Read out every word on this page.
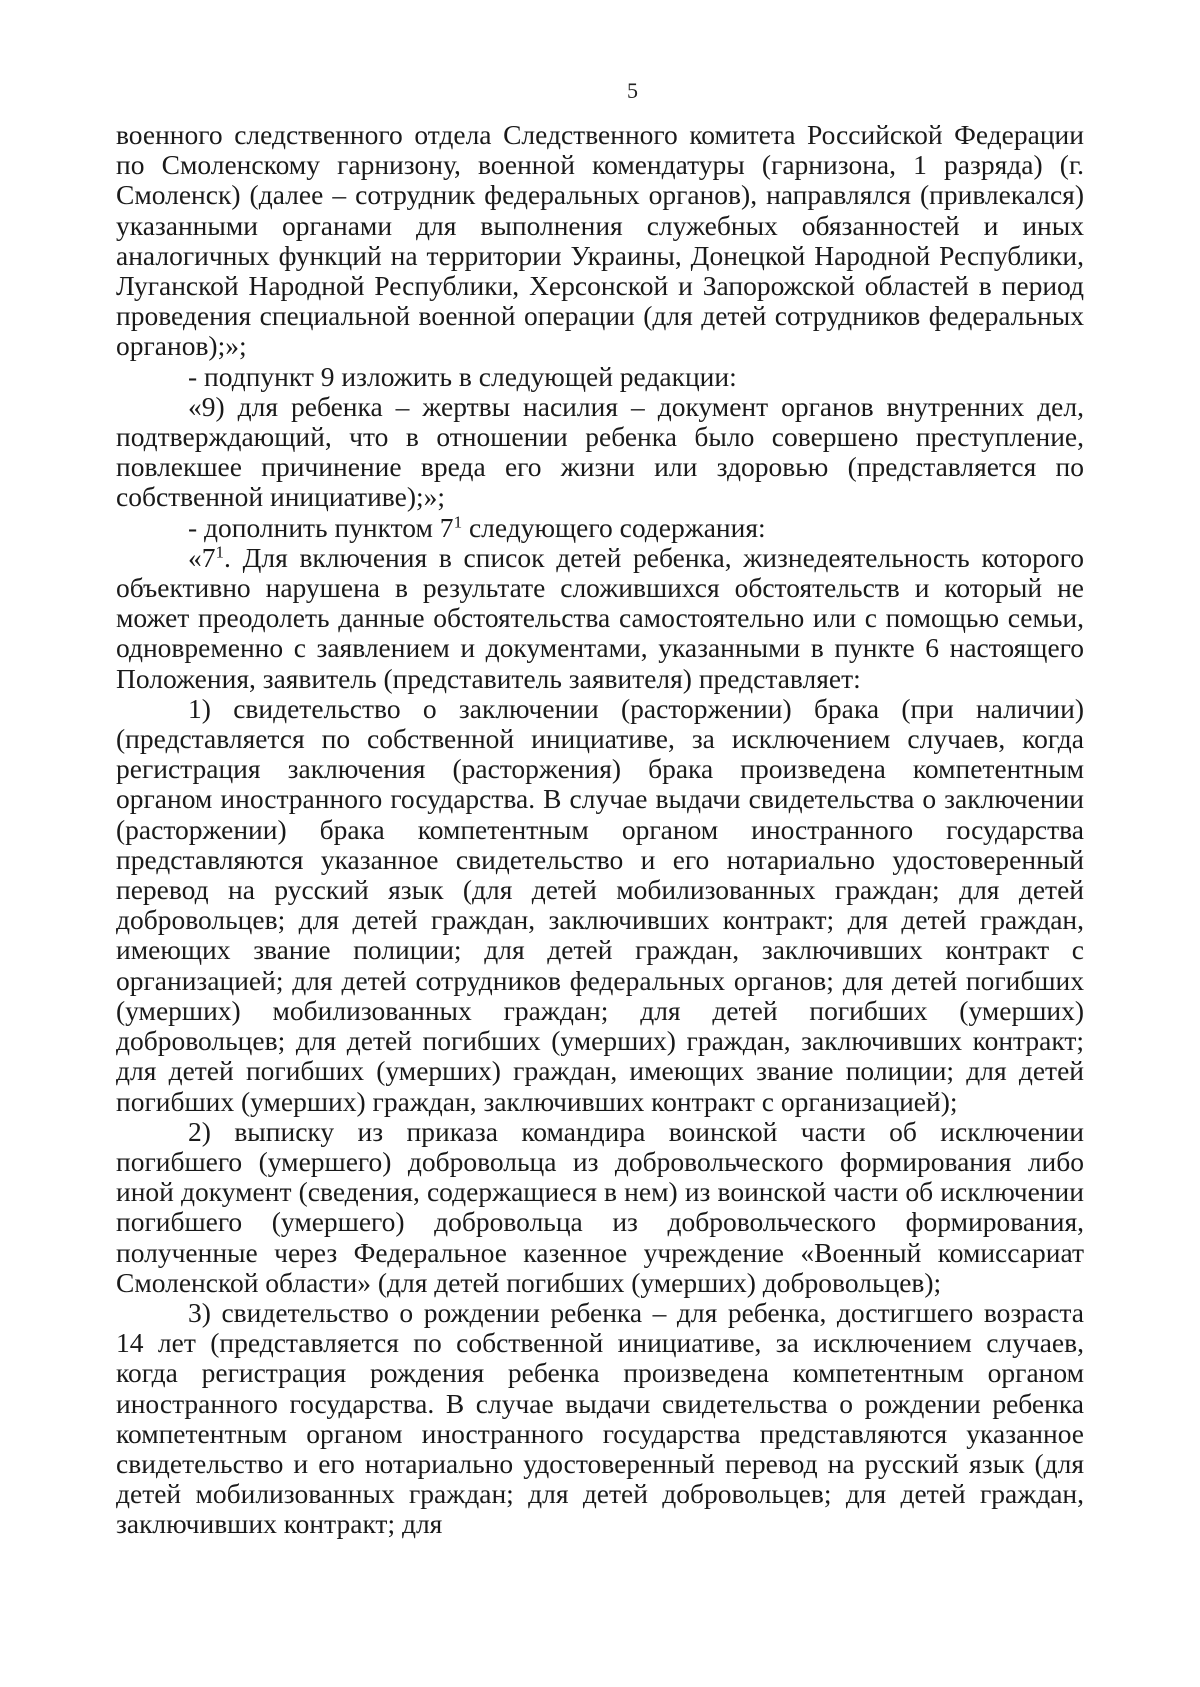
5

военного следственного отдела Следственного комитета Российской Федерации по Смоленскому гарнизону, военной комендатуры (гарнизона, 1 разряда) (г. Смоленск) (далее – сотрудник федеральных органов), направлялся (привлекался) указанными органами для выполнения служебных обязанностей и иных аналогичных функций на территории Украины, Донецкой Народной Республики, Луганской Народной Республики, Херсонской и Запорожской областей в период проведения специальной военной операции (для детей сотрудников федеральных органов);»;

- подпункт 9 изложить в следующей редакции:

«9) для ребенка – жертвы насилия – документ органов внутренних дел, подтверждающий, что в отношении ребенка было совершено преступление, повлекшее причинение вреда его жизни или здоровью (представляется по собственной инициативе);»;

- дополнить пунктом $7^1$ следующего содержания:

«$7^1$. Для включения в список детей ребенка, жизнедеятельность которого объективно нарушена в результате сложившихся обстоятельств и который не может преодолеть данные обстоятельства самостоятельно или с помощью семьи, одновременно с заявлением и документами, указанными в пункте 6 настоящего Положения, заявитель (представитель заявителя) представляет:

1) свидетельство о заключении (расторжении) брака (при наличии) (представляется по собственной инициативе, за исключением случаев, когда регистрация заключения (расторжения) брака произведена компетентным органом иностранного государства. В случае выдачи свидетельства о заключении (расторжении) брака компетентным органом иностранного государства представляются указанное свидетельство и его нотариально удостоверенный перевод на русский язык (для детей мобилизованных граждан; для детей добровольцев; для детей граждан, заключивших контракт; для детей граждан, имеющих звание полиции; для детей граждан, заключивших контракт с организацией; для детей сотрудников федеральных органов; для детей погибших (умерших) мобилизованных граждан; для детей погибших (умерших) добровольцев; для детей погибших (умерших) граждан, заключивших контракт; для детей погибших (умерших) граждан, имеющих звание полиции; для детей погибших (умерших) граждан, заключивших контракт с организацией);

2) выписку из приказа командира воинской части об исключении погибшего (умершего) добровольца из добровольческого формирования либо иной документ (сведения, содержащиеся в нем) из воинской части об исключении погибшего (умершего) добровольца из добровольческого формирования, полученные через Федеральное казенное учреждение «Военный комиссариат Смоленской области» (для детей погибших (умерших) добровольцев);

3) свидетельство о рождении ребенка – для ребенка, достигшего возраста 14 лет (представляется по собственной инициативе, за исключением случаев, когда регистрация рождения ребенка произведена компетентным органом иностранного государства. В случае выдачи свидетельства о рождении ребенка компетентным органом иностранного государства представляются указанное свидетельство и его нотариально удостоверенный перевод на русский язык (для детей мобилизованных граждан; для детей добровольцев; для детей граждан, заключивших контракт; для
